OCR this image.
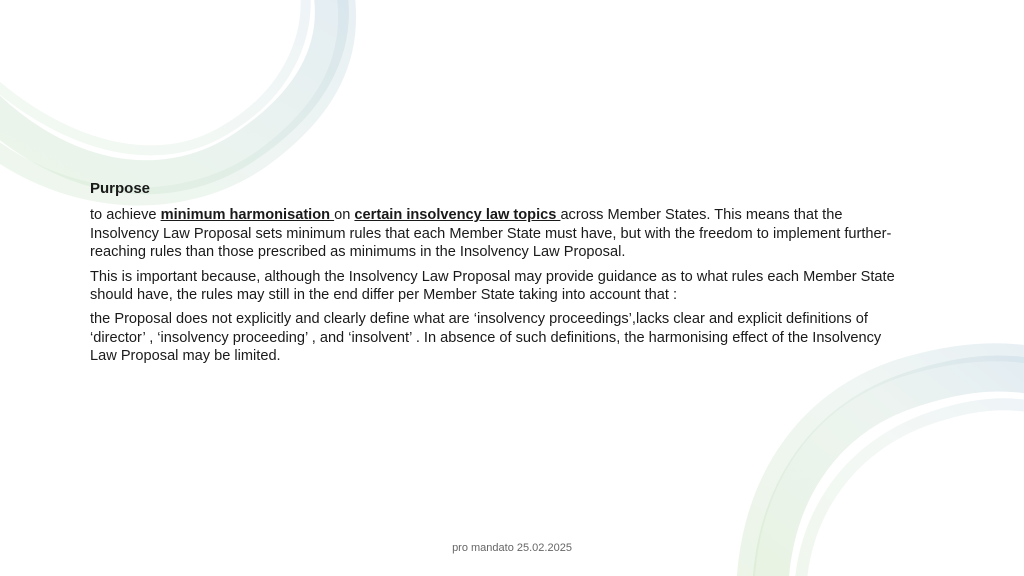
Purpose

to achieve minimum harmonisation on certain insolvency law topics across Member States. This means that the Insolvency Law Proposal sets minimum rules that each Member State must have, but with the freedom to implement further-reaching rules than those prescribed as minimums in the Insolvency Law Proposal.

This is important because, although the Insolvency Law Proposal may provide guidance as to what rules each Member State should have, the rules may still in the end differ per Member State taking into account that :

the Proposal does not explicitly and clearly define what are ‘insolvency proceedings’,lacks clear and explicit definitions of ‘director’ , ‘insolvency proceeding’ , and ‘insolvent’ . In absence of such definitions, the harmonising effect of the Insolvency Law Proposal may be limited.

pro mandato 25.02.2025
